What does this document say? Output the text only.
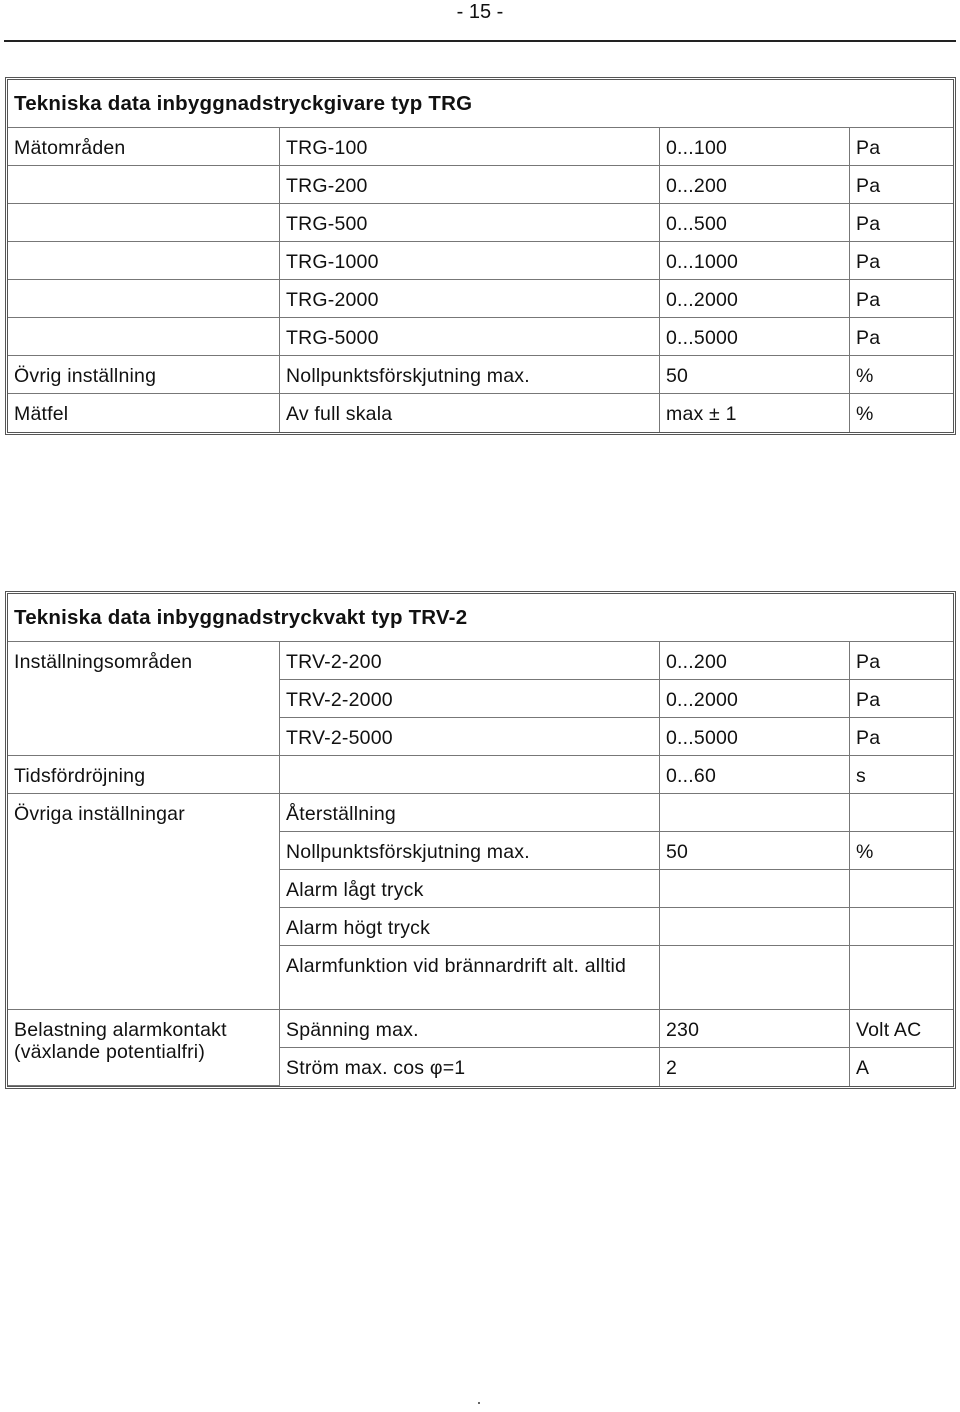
- 15 -
Tekniska data inbyggnadstryckgivare typ TRG			
Mätområden	TRG-100	0...100	Pa
	TRG-200	0...200	Pa
	TRG-500	0...500	Pa
	TRG-1000	0...1000	Pa
	TRG-2000	0...2000	Pa
	TRG-5000	0...5000	Pa
Övrig inställning	Nollpunktsförskjutning max.	50	%
Mätfel	Av full skala	max ± 1	%
Tekniska data inbyggnadstryckvakt typ TRV-2			
Inställningsområden	TRV-2-200	0...200	Pa
	TRV-2-2000	0...2000	Pa
	TRV-2-5000	0...5000	Pa
Tidsfördröjning		0...60	s
Övriga inställningar	Återställning		
	Nollpunktsförskjutning max.	50	%
	Alarm lågt tryck		
	Alarm högt tryck		
	Alarmfunktion vid brännardrift alt. alltid		
Belastning alarmkontakt (växlande potentialfri)	Spänning max.	230	Volt AC
	Ström max. cos φ=1	2	A
